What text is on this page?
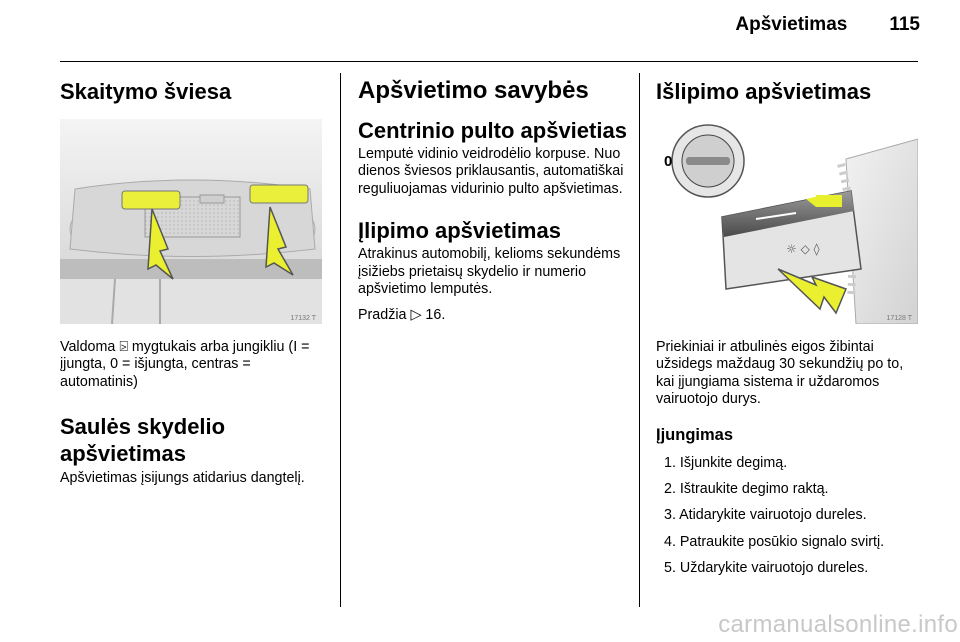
Apšvietimas 115
Skaitymo šviesa
17132 T

Valdoma ⍄ mygtukais arba jungikliu (I = įjungta, 0 = išjungta, centras = automatinis)

Saulės skydelio apšvietimas

Apšvietimas įsijungs atidarius dangtelį.

Apšvietimo savybės
Centrinio pulto apšvietias

Lemputė vidinio veidrodėlio korpuse. Nuo dienos šviesos priklausantis, automatiškai reguliuojamas vidurinio pulto apšvietimas.

Įlipimo apšvietimas

Atrakinus automobilį, kelioms sekundėms įsižiebs prietaisų skydelio ir numerio apšvietimo lemputės.

Pradžia ▷ 16.

Išlipimo apšvietimas
☼ ◇ ◊
0
17128 T

Priekiniai ir atbulinės eigos žibintai užsidegs maždaug 30 sekundžių po to, kai įjungiama sistema ir uždaromos vairuotojo durys.

Įjungimas
1. Išjunkite degimą.
2. Ištraukite degimo raktą.
3. Atidarykite vairuotojo dureles.
4. Patraukite posūkio signalo svirtį.
5. Uždarykite vairuotojo dureles.
carmanualsonline.info
